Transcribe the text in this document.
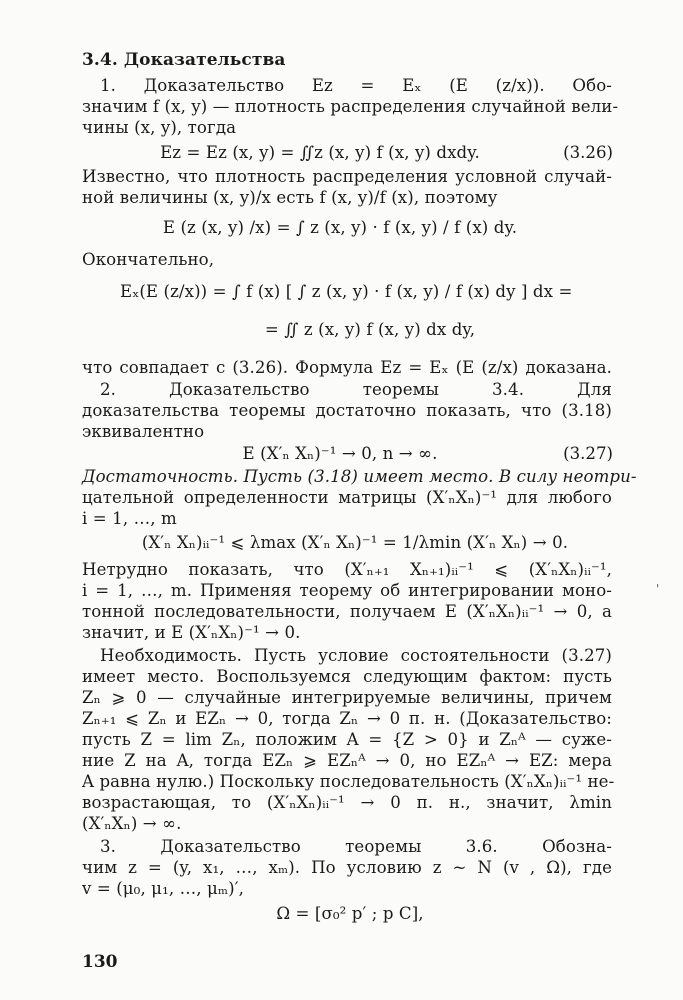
3.4. Доказательства
1. Доказательство Ez = Eₓ (E (z/x)). Обо-
значим f (x, y) — плотность распределения случайной вели-
чины (x, y), тогда
Ez = Ez (x, y) = ∬z (x, y) f (x, y) dxdy.	(3.26)
Известно, что плотность распределения условной случай-
ной величины (x, y)/x есть f (x, y)/f (x), поэтому
E (z (x, y) /x) = ∫ z (x, y) · f (x, y) / f (x) dy.
Окончательно,
Eₓ(E (z/x)) = ∫ f (x) [ ∫ z (x, y) · f (x, y) / f (x) dy ] dx =
= ∬ z (x, y) f (x, y) dx dy,
что совпадает с (3.26). Формула Ez = Eₓ (E (z/x) доказана.
2. Доказательство теоремы 3.4. Для
доказательства теоремы достаточно показать, что (3.18)
эквивалентно
E (X′ₙ Xₙ)⁻¹ → 0, n → ∞.	(3.27)
Достаточность. Пусть (3.18) имеет место. В силу неотри-
цательной определенности матрицы (X′ₙXₙ)⁻¹ для любого
i = 1, …, m
(X′ₙ Xₙ)ᵢᵢ⁻¹ ⩽ λmax (X′ₙ Xₙ)⁻¹ = 1/λmin (X′ₙ Xₙ) → 0.
Нетрудно показать, что (X′ₙ₊₁ Xₙ₊₁)ᵢᵢ⁻¹ ⩽ (X′ₙXₙ)ᵢᵢ⁻¹,
i = 1, …, m. Применяя теорему об интегрировании моно-
тонной последовательности, получаем E (X′ₙXₙ)ᵢᵢ⁻¹ → 0, а
значит, и E (X′ₙXₙ)⁻¹ → 0.
Необходимость. Пусть условие состоятельности (3.27)
имеет место. Воспользуемся следующим фактом: пусть
Zₙ ⩾ 0 — случайные интегрируемые величины, причем
Zₙ₊₁ ⩽ Zₙ и EZₙ → 0, тогда Zₙ → 0 п. н. (Доказательство:
пусть Z = lim Zₙ, положим A = {Z > 0} и Zₙᴬ — суже-
ние Z на A, тогда EZₙ ⩾ EZₙᴬ → 0, но EZₙᴬ → EZ: мера
A равна нулю.) Поскольку последовательность (X′ₙXₙ)ᵢᵢ⁻¹ не-
возрастающая, то (X′ₙXₙ)ᵢᵢ⁻¹ → 0 п. н., значит, λmin
(X′ₙXₙ) → ∞.
3. Доказательство теоремы 3.6. Обозна-
чим z = (y, x₁, …, xₘ). По условию z ~ N (v , Ω), где
v = (μ₀, μ₁, …, μₘ)′,
Ω = [σ₀² p′ ; p C],
130
'
